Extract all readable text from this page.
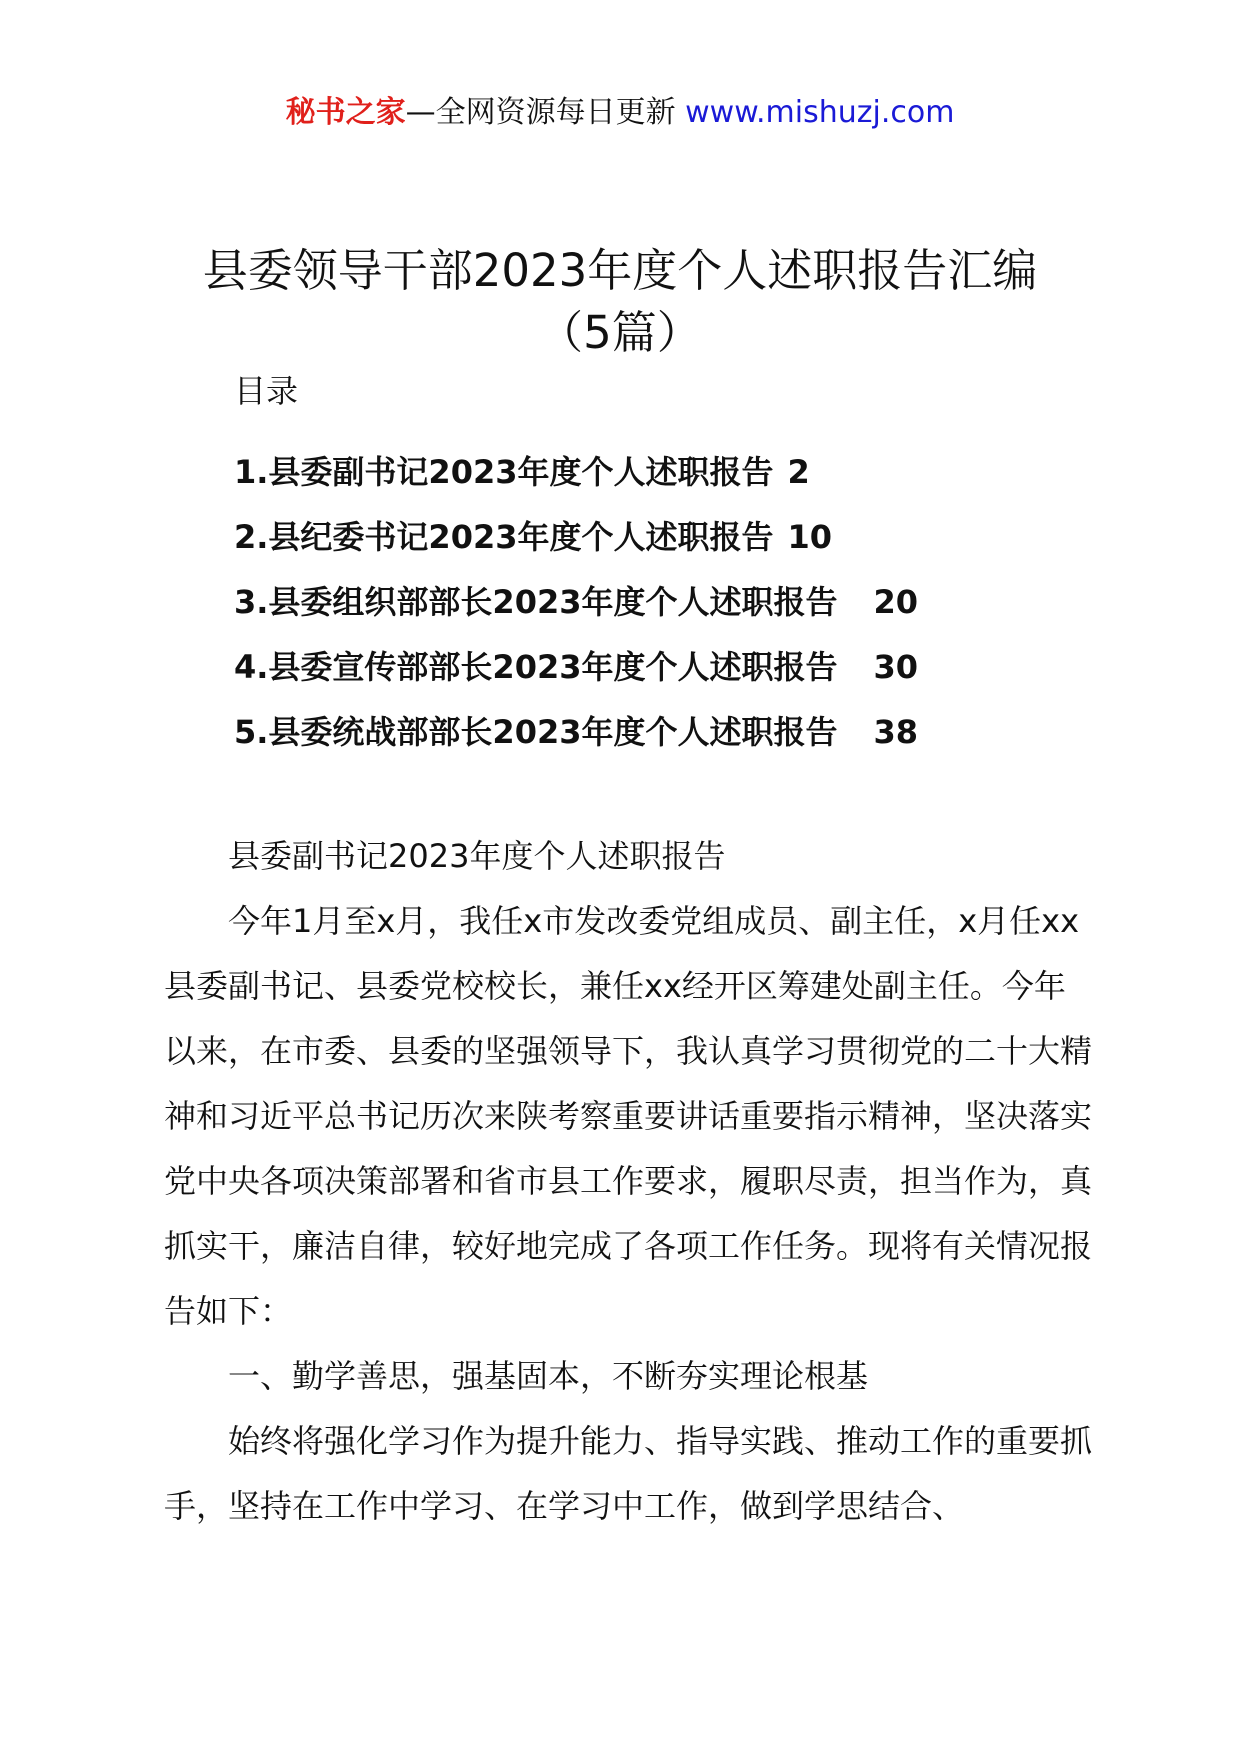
秘书之家—全网资源每日更新 www.mishuzj.com
县委领导干部2023年度个人述职报告汇编
（5篇）
目录
1.县委副书记2023年度个人述职报告 2
2.县纪委书记2023年度个人述职报告 10
3.县委组织部部长2023年度个人述职报告 20
4.县委宣传部部长2023年度个人述职报告 30
5.县委统战部部长2023年度个人述职报告 38

县委副书记2023年度个人述职报告

今年1月至x月，我任x市发改委党组成员、副主任，x月任xx县委副书记、县委党校校长，兼任xx经开区筹建处副主任。今年以来，在市委、县委的坚强领导下，我认真学习贯彻党的二十大精神和习近平总书记历次来陕考察重要讲话重要指示精神，坚决落实党中央各项决策部署和省市县工作要求，履职尽责，担当作为，真抓实干，廉洁自律，较好地完成了各项工作任务。现将有关情况报告如下：

一、勤学善思，强基固本，不断夯实理论根基

始终将强化学习作为提升能力、指导实践、推动工作的重要抓手，坚持在工作中学习、在学习中工作，做到学思结合、
